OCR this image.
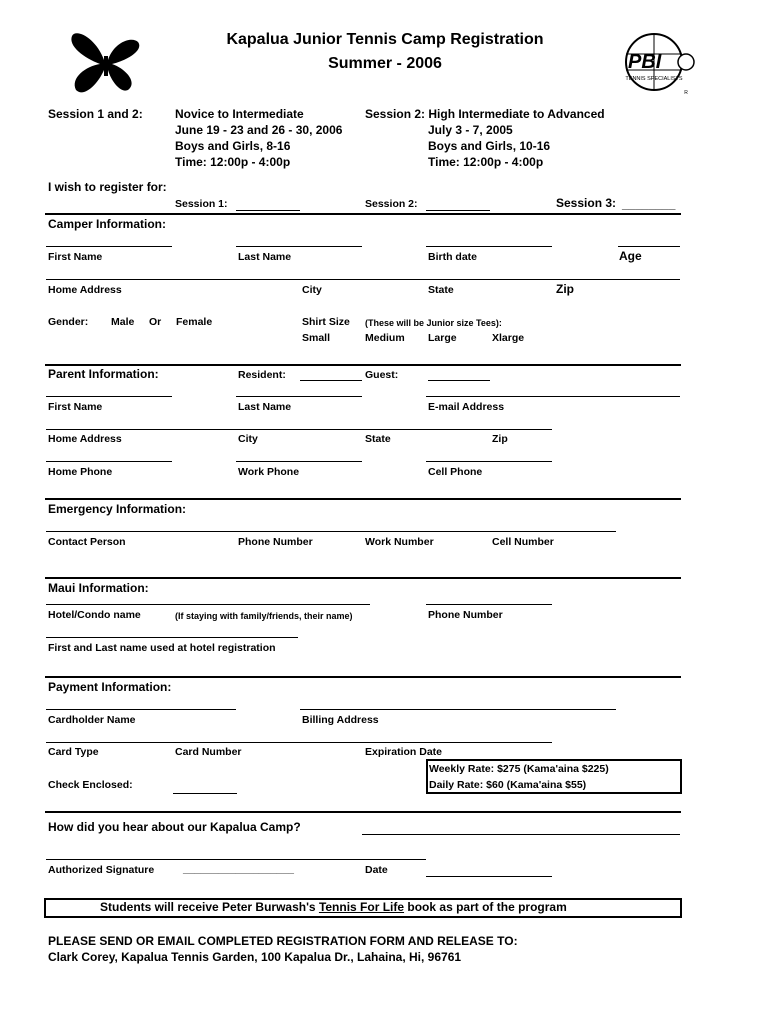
PBI
TENNIS SPECIALISTS
R
Kapalua Junior Tennis Camp Registration
Summer - 2006
Session 1 and 2:	Novice to Intermediate
June 19 - 23 and 26 - 30, 2006
Boys and Girls, 8-16
Time: 12:00p - 4:00p
Session 2: High Intermediate to Advanced
July 3 - 7, 2005
Boys and Girls, 10-16
Time: 12:00p - 4:00p
I wish to register for:
Session 1:	Session 2:	Session 3: ________
Camper Information:
First Name	Last Name	Birth date	Age
Home Address	City	State	Zip
Gender: Male Or Female	Shirt Size (These will be Junior size Tees):
Small	Medium Large	Xlarge
Parent Information:	Resident:	Guest:
First Name	Last Name	E-mail Address
Home Address	City	State	Zip
Home Phone	Work Phone	Cell Phone
Emergency Information:
Contact Person	Phone Number	Work Number	Cell Number
Maui Information:
Hotel/Condo name	(If staying with family/friends, their name)	Phone Number
First and Last name used at hotel registration
Payment Information:
Cardholder Name	Billing Address
Card Type	Card Number	Expiration Date
Weekly Rate: $275 (Kama'aina $225)
Daily Rate: $60 (Kama'aina $55)
Check Enclosed:
How did you hear about our Kapalua Camp?
Authorized Signature	___________________	Date
Students will receive Peter Burwash's Tennis For Life book as part of the program
PLEASE SEND OR EMAIL COMPLETED REGISTRATION FORM AND RELEASE TO:
Clark Corey, Kapalua Tennis Garden, 100 Kapalua Dr., Lahaina, Hi, 96761
